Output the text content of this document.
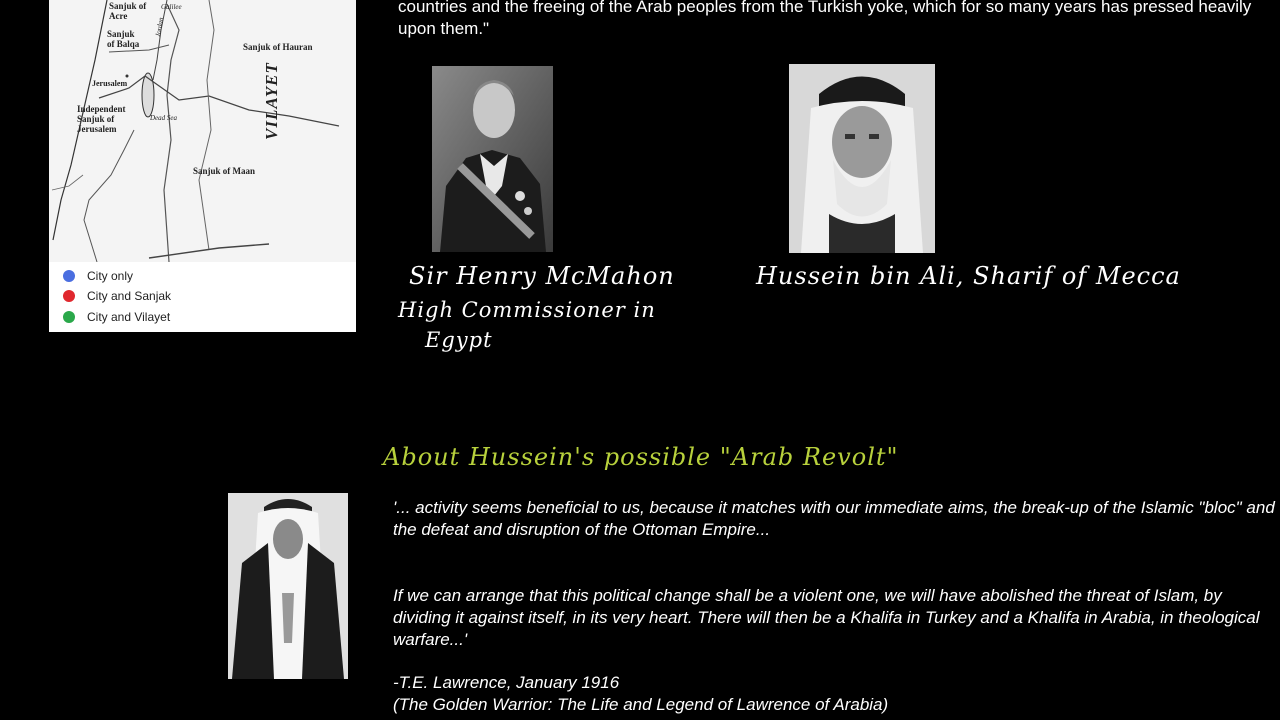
Sanjuk of
Acre
Galilee
Sanjuk
of Balqa
Jordan
Sanjuk of Hauran
VILAYET
Jerusalem
Independent
Sanjuk of
Jerusalem
Dead Sea
Sanjuk of Maan
City only
City and Sanjak
City and Vilayet
countries and the freeing of the Arab peoples from the Turkish yoke, which for so many years has pressed heavily upon them."
Sir Henry McMahon
High Commissioner in
Egypt
Hussein bin Ali, Sharif of Mecca
About Hussein's possible "Arab Revolt"
'... activity seems beneficial to us, because it matches with our immediate aims, the break-up of the Islamic "bloc" and the defeat and disruption of the Ottoman Empire...
If we can arrange that this political change shall be a violent one, we will have abolished the threat of Islam, by dividing it against itself, in its very heart. There will then be a Khalifa in Turkey and a Khalifa in Arabia, in theological warfare...'
-T.E. Lawrence, January 1916
(The Golden Warrior: The Life and Legend of Lawrence of Arabia)
